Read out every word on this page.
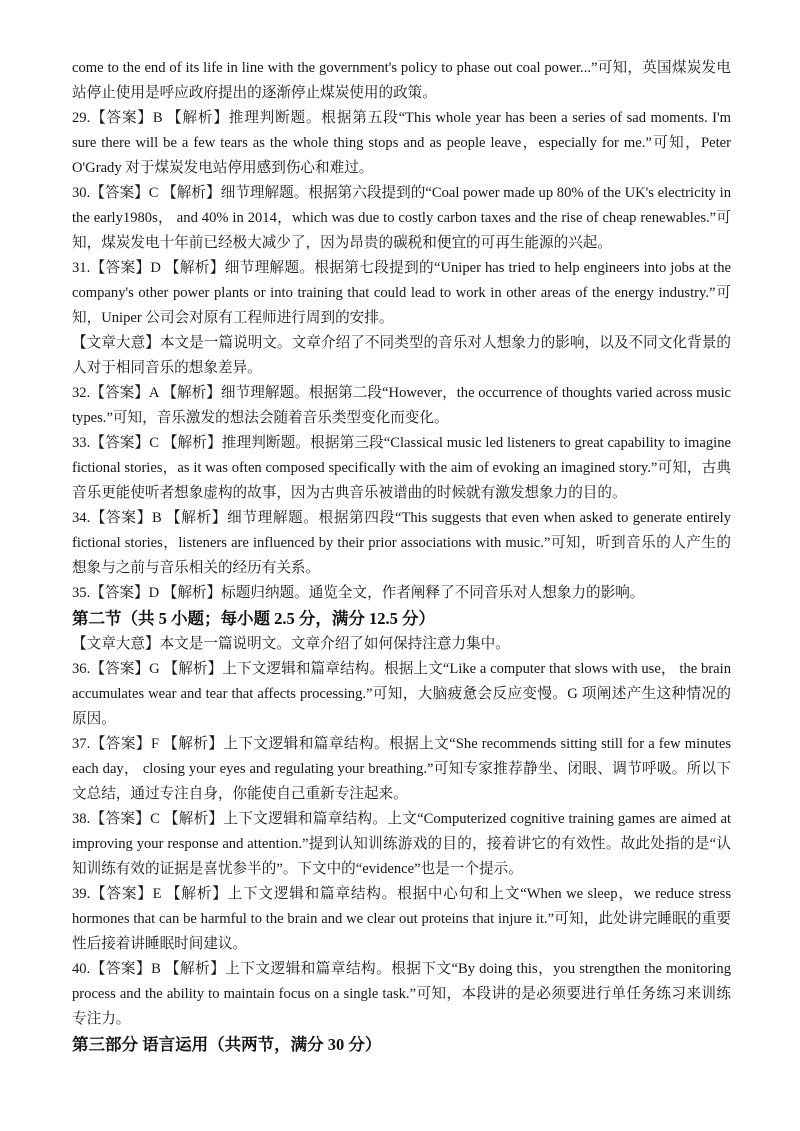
come to the end of its life in line with the government's policy to phase out coal power...”可知，英国煤炭发电站停止使用是呼应政府提出的逐渐停止煤炭使用的政策。

29.【答案】B 【解析】推理判断题。根据第五段“This whole year has been a series of sad moments. I'm sure there will be a few tears as the whole thing stops and as people leave，especially for me.”可知，Peter O'Grady 对于煤炭发电站停用感到伤心和难过。

30.【答案】C 【解析】细节理解题。根据第六段提到的“Coal power made up 80% of the UK's electricity in the early1980s， and 40% in 2014，which was due to costly carbon taxes and the rise of cheap renewables.”可知，煤炭发电十年前已经极大减少了，因为昂贵的碳税和便宜的可再生能源的兴起。

31.【答案】D 【解析】细节理解题。根据第七段提到的“Uniper has tried to help engineers into jobs at the company's other power plants or into training that could lead to work in other areas of the energy industry.”可知，Uniper 公司会对原有工程师进行周到的安排。

【文章大意】本文是一篇说明文。文章介绍了不同类型的音乐对人想象力的影响，以及不同文化背景的人对于相同音乐的想象差异。

32.【答案】A 【解析】细节理解题。根据第二段“However，the occurrence of thoughts varied across music types.”可知，音乐激发的想法会随着音乐类型变化而变化。

33.【答案】C 【解析】推理判断题。根据第三段“Classical music led listeners to great capability to imagine fictional stories，as it was often composed specifically with the aim of evoking an imagined story.”可知，古典音乐更能使听者想象虚构的故事，因为古典音乐被谱曲的时候就有激发想象力的目的。

34.【答案】B 【解析】细节理解题。根据第四段“This suggests that even when asked to generate entirely fictional stories，listeners are influenced by their prior associations with music.”可知，听到音乐的人产生的想象与之前与音乐相关的经历有关系。

35.【答案】D 【解析】标题归纳题。通览全文，作者阐释了不同音乐对人想象力的影响。

第二节（共 5 小题；每小题 2.5 分，满分 12.5 分）

【文章大意】本文是一篇说明文。文章介绍了如何保持注意力集中。

36.【答案】G 【解析】上下文逻辑和篇章结构。根据上文“Like a computer that slows with use， the brain accumulates wear and tear that affects processing.”可知，大脑疲惫会反应变慢。G 项阐述产生这种情况的原因。

37.【答案】F 【解析】上下文逻辑和篇章结构。根据上文“She recommends sitting still for a few minutes each day， closing your eyes and regulating your breathing.”可知专家推荐静坐、闭眼、调节呼吸。所以下文总结，通过专注自身，你能使自己重新专注起来。

38.【答案】C 【解析】上下文逻辑和篇章结构。上文“Computerized cognitive training games are aimed at improving your response and attention.”提到认知训练游戏的目的，接着讲它的有效性。故此处指的是“认知训练有效的证据是喜忧参半的”。下文中的“evidence”也是一个提示。

39.【答案】E 【解析】上下文逻辑和篇章结构。根据中心句和上文“When we sleep，we reduce stress hormones that can be harmful to the brain and we clear out proteins that injure it.”可知，此处讲完睡眠的重要性后接着讲睡眠时间建议。

40.【答案】B 【解析】上下文逻辑和篇章结构。根据下文“By doing this，you strengthen the monitoring process and the ability to maintain focus on a single task.”可知，本段讲的是必须要进行单任务练习来训练专注力。

第三部分 语言运用（共两节，满分 30 分）
